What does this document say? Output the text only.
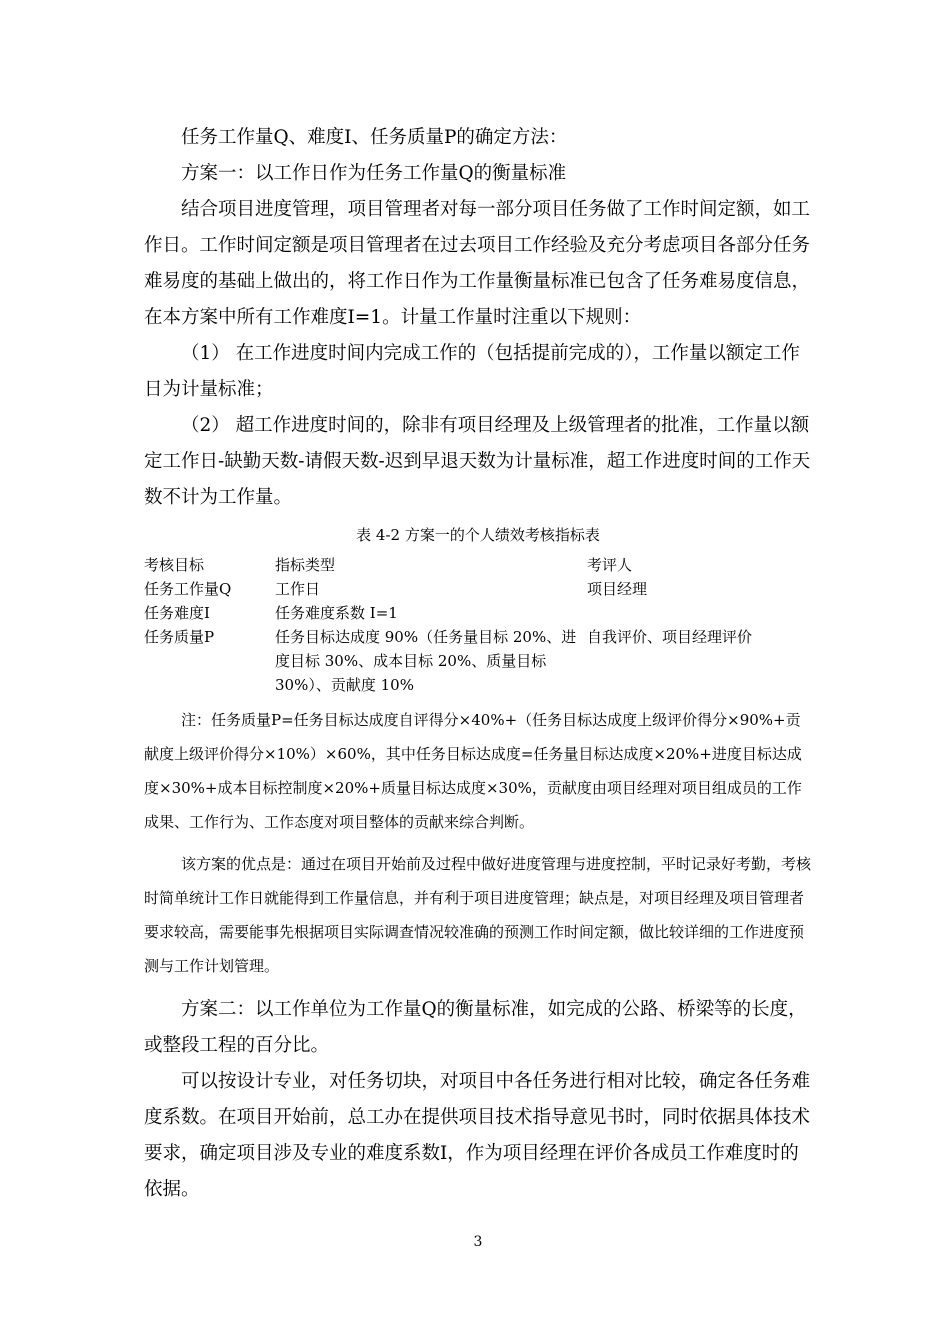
任务工作量Q、难度I、任务质量P的确定方法：

方案一：以工作日作为任务工作量Q的衡量标准

结合项目进度管理，项目管理者对每一部分项目任务做了工作时间定额，如工作日。工作时间定额是项目管理者在过去项目工作经验及充分考虑项目各部分任务难易度的基础上做出的，将工作日作为工作量衡量标准已包含了任务难易度信息，在本方案中所有工作难度I=1。计量工作量时注重以下规则：

（1） 在工作进度时间内完成工作的（包括提前完成的），工作量以额定工作日为计量标准；

（2） 超工作进度时间的，除非有项目经理及上级管理者的批准，工作量以额定工作日-缺勤天数-请假天数-迟到早退天数为计量标准，超工作进度时间的工作天数不计为工作量。

表 4-2 方案一的个人绩效考核指标表
考核目标	指标类型	考评人
任务工作量Q	工作日	项目经理
任务难度I	任务难度系数 I=1	
任务质量P	任务目标达成度 90%（任务量目标 20%、进度目标 30%、成本目标 20%、质量目标 30%）、贡献度 10%	自我评价、项目经理评价

注：任务质量P=任务目标达成度自评得分×40%+（任务目标达成度上级评价得分×90%+贡献度上级评价得分×10%）×60%，其中任务目标达成度=任务量目标达成度×20%+进度目标达成度×30%+成本目标控制度×20%+质量目标达成度×30%，贡献度由项目经理对项目组成员的工作成果、工作行为、工作态度对项目整体的贡献来综合判断。

该方案的优点是：通过在项目开始前及过程中做好进度管理与进度控制，平时记录好考勤，考核时简单统计工作日就能得到工作量信息，并有利于项目进度管理；缺点是，对项目经理及项目管理者要求较高，需要能事先根据项目实际调查情况较准确的预测工作时间定额，做比较详细的工作进度预测与工作计划管理。

方案二：以工作单位为工作量Q的衡量标准，如完成的公路、桥梁等的长度，或整段工程的百分比。

可以按设计专业，对任务切块，对项目中各任务进行相对比较，确定各任务难度系数。在项目开始前，总工办在提供项目技术指导意见书时，同时依据具体技术要求，确定项目涉及专业的难度系数I，作为项目经理在评价各成员工作难度时的依据。

3
